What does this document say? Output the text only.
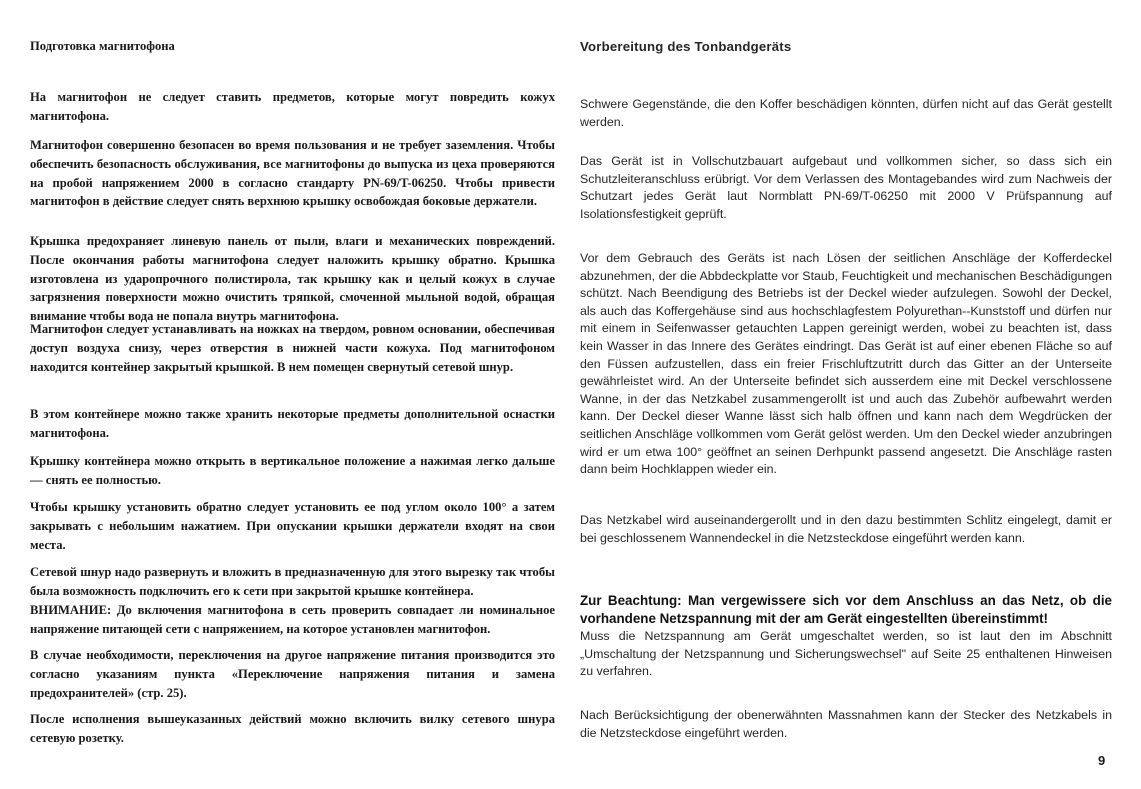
Подготовка магнитофона

На магнитофон не следует ставить предметов, которые могут повредить кожух магнитофона.

Магнитофон совершенно безопасен во время пользования и не требует заземления. Чтобы обеспечить безопасность обслуживания, все магнитофоны до выпуска из цеха проверяются на пробой напряжением 2000 в согласно стандарту PN-69/T-06250. Чтобы привести магнитофон в действие следует снять верхнюю крышку освобождая боковые держатели.

Крышка предохраняет линевую панель от пыли, влаги и механических повреждений. После окончания работы магнитофона следует наложить крышку обратно. Крышка изготовлена из ударопрочного полистирола, так крышку как и целый кожух в случае загрязнения поверхности можно очистить тряпкой, смоченной мыльной водой, обращая внимание чтобы вода не попала внутрь магнитофона.

Магнитофон следует устанавливать на ножках на твердом, ровном основании, обеспечивая доступ воздуха снизу, через отверстия в нижней части кожуха. Под магнитофоном находится контейнер закрытый крышкой. В нем помещен свернутый сетевой шнур.

В этом контейнере можно также хранить некоторые предметы дополнительной оснастки магнитофона.

Крышку контейнера можно открыть в вертикальное положение а нажимая легко дальше — снять ее полностью.

Чтобы крышку установить обратно следует установить ее под углом около 100° а затем закрывать с небольшим нажатием. При опускании крышки держатели входят на свои места.

Сетевой шнур надо развернуть и вложить в предназначенную для этого вырезку так чтобы была возможность подключить его к сети при закрытой крышке контейнера.

ВНИМАНИЕ: До включения магнитофона в сеть проверить совпадает ли номинальное напряжение питающей сети с напряжением, на которое установлен магнитофон.

В случае необходимости, переключения на другое напряжение питания производится это согласно указаниям пункта «Переключение напряжения питания и замена предохранителей» (стр. 25).

После исполнения вышеуказанных действий можно включить вилку сетевого шнура сетевую розетку.

Vorbereitung des Tonbandgeräts

Schwere Gegenstände, die den Koffer beschädigen könnten, dürfen nicht auf das Gerät gestellt werden.

Das Gerät ist in Vollschutzbauart aufgebaut und vollkommen sicher, so dass sich ein Schutzleiteranschluss erübrigt. Vor dem Verlassen des Montagebandes wird zum Nachweis der Schutzart jedes Gerät laut Normblatt PN-69/T-06250 mit 2000 V Prüfspannung auf Isolationsfestigkeit geprüft.

Vor dem Gebrauch des Geräts ist nach Lösen der seitlichen Anschläge der Kofferdeckel abzunehmen, der die Abbdeckplatte vor Staub, Feuchtigkeit und mechanischen Beschädigungen schützt. Nach Beendigung des Betriebs ist der Deckel wieder aufzulegen. Sowohl der Deckel, als auch das Koffergehäuse sind aus hochschlagfestem Polyurethan--Kunststoff und dürfen nur mit einem in Seifenwasser getauchten Lappen gereinigt werden, wobei zu beachten ist, dass kein Wasser in das Innere des Gerätes eindringt. Das Gerät ist auf einer ebenen Fläche so auf den Füssen aufzustellen, dass ein freier Frischluftzutritt durch das Gitter an der Unterseite gewährleistet wird. An der Unterseite befindet sich ausserdem eine mit Deckel verschlossene Wanne, in der das Netzkabel zusammengerollt ist und auch das Zubehör aufbewahrt werden kann. Der Deckel dieser Wanne lässt sich halb öffnen und kann nach dem Wegdrücken der seitlichen Anschläge vollkommen vom Gerät gelöst werden. Um den Deckel wieder anzubringen wird er um etwa 100° geöffnet an seinen Derhpunkt passend angesetzt. Die Anschläge rasten dann beim Hochklappen wieder ein.

Das Netzkabel wird auseinandergerollt und in den dazu bestimmten Schlitz eingelegt, damit er bei geschlossenem Wannendeckel in die Netzsteckdose eingeführt werden kann.

Zur Beachtung: Man vergewissere sich vor dem Anschluss an das Netz, ob die vorhandene Netzspannung mit der am Gerät eingestellten übereinstimmt!

Muss die Netzspannung am Gerät umgeschaltet werden, so ist laut den im Abschnitt „Umschaltung der Netzspannung und Sicherungswechsel" auf Seite 25 enthaltenen Hinweisen zu verfahren.

Nach Berücksichtigung der obenerwähnten Massnahmen kann der Stecker des Netzkabels in die Netzsteckdose eingeführt werden.

9
